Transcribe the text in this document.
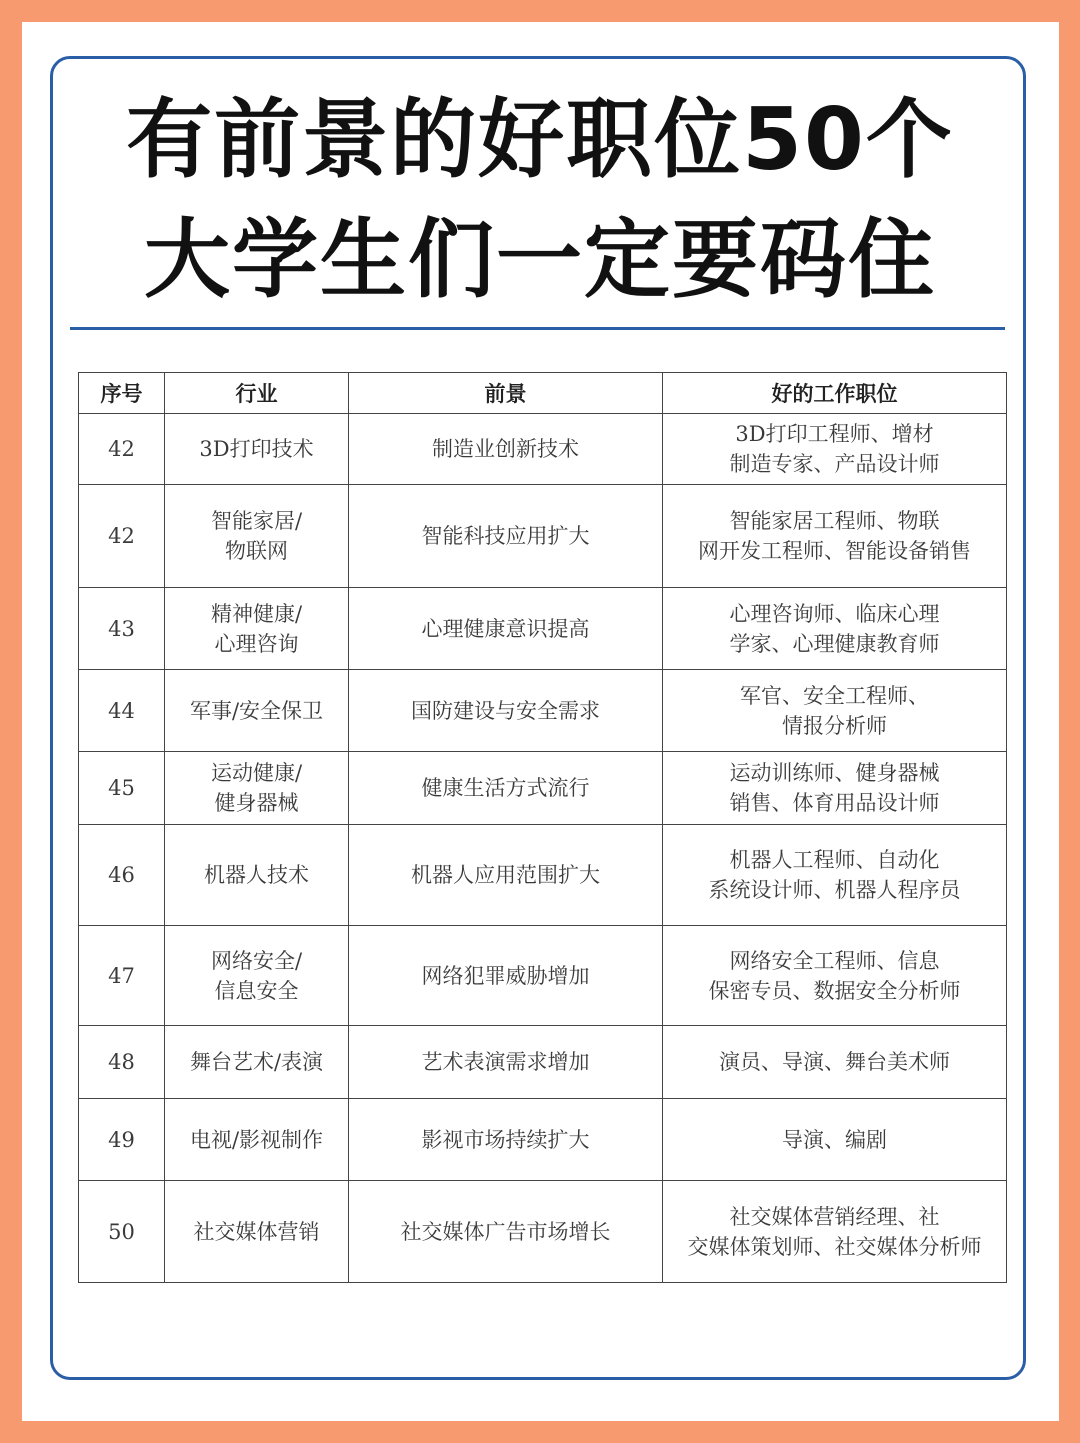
有前景的好职位50个
大学生们一定要码住
序号	行业	前景	好的工作职位
42	3D打印技术	制造业创新技术	3D打印工程师、增材
制造专家、产品设计师
42	智能家居/
物联网	智能科技应用扩大	智能家居工程师、物联
网开发工程师、智能设备销售
43	精神健康/
心理咨询	心理健康意识提高	心理咨询师、临床心理
学家、心理健康教育师
44	军事/安全保卫	国防建设与安全需求	军官、安全工程师、
情报分析师
45	运动健康/
健身器械	健康生活方式流行	运动训练师、健身器械
销售、体育用品设计师
46	机器人技术	机器人应用范围扩大	机器人工程师、自动化
系统设计师、机器人程序员
47	网络安全/
信息安全	网络犯罪威胁增加	网络安全工程师、信息
保密专员、数据安全分析师
48	舞台艺术/表演	艺术表演需求增加	演员、导演、舞台美术师
49	电视/影视制作	影视市场持续扩大	导演、编剧
50	社交媒体营销	社交媒体广告市场增长	社交媒体营销经理、社
交媒体策划师、社交媒体分析师
